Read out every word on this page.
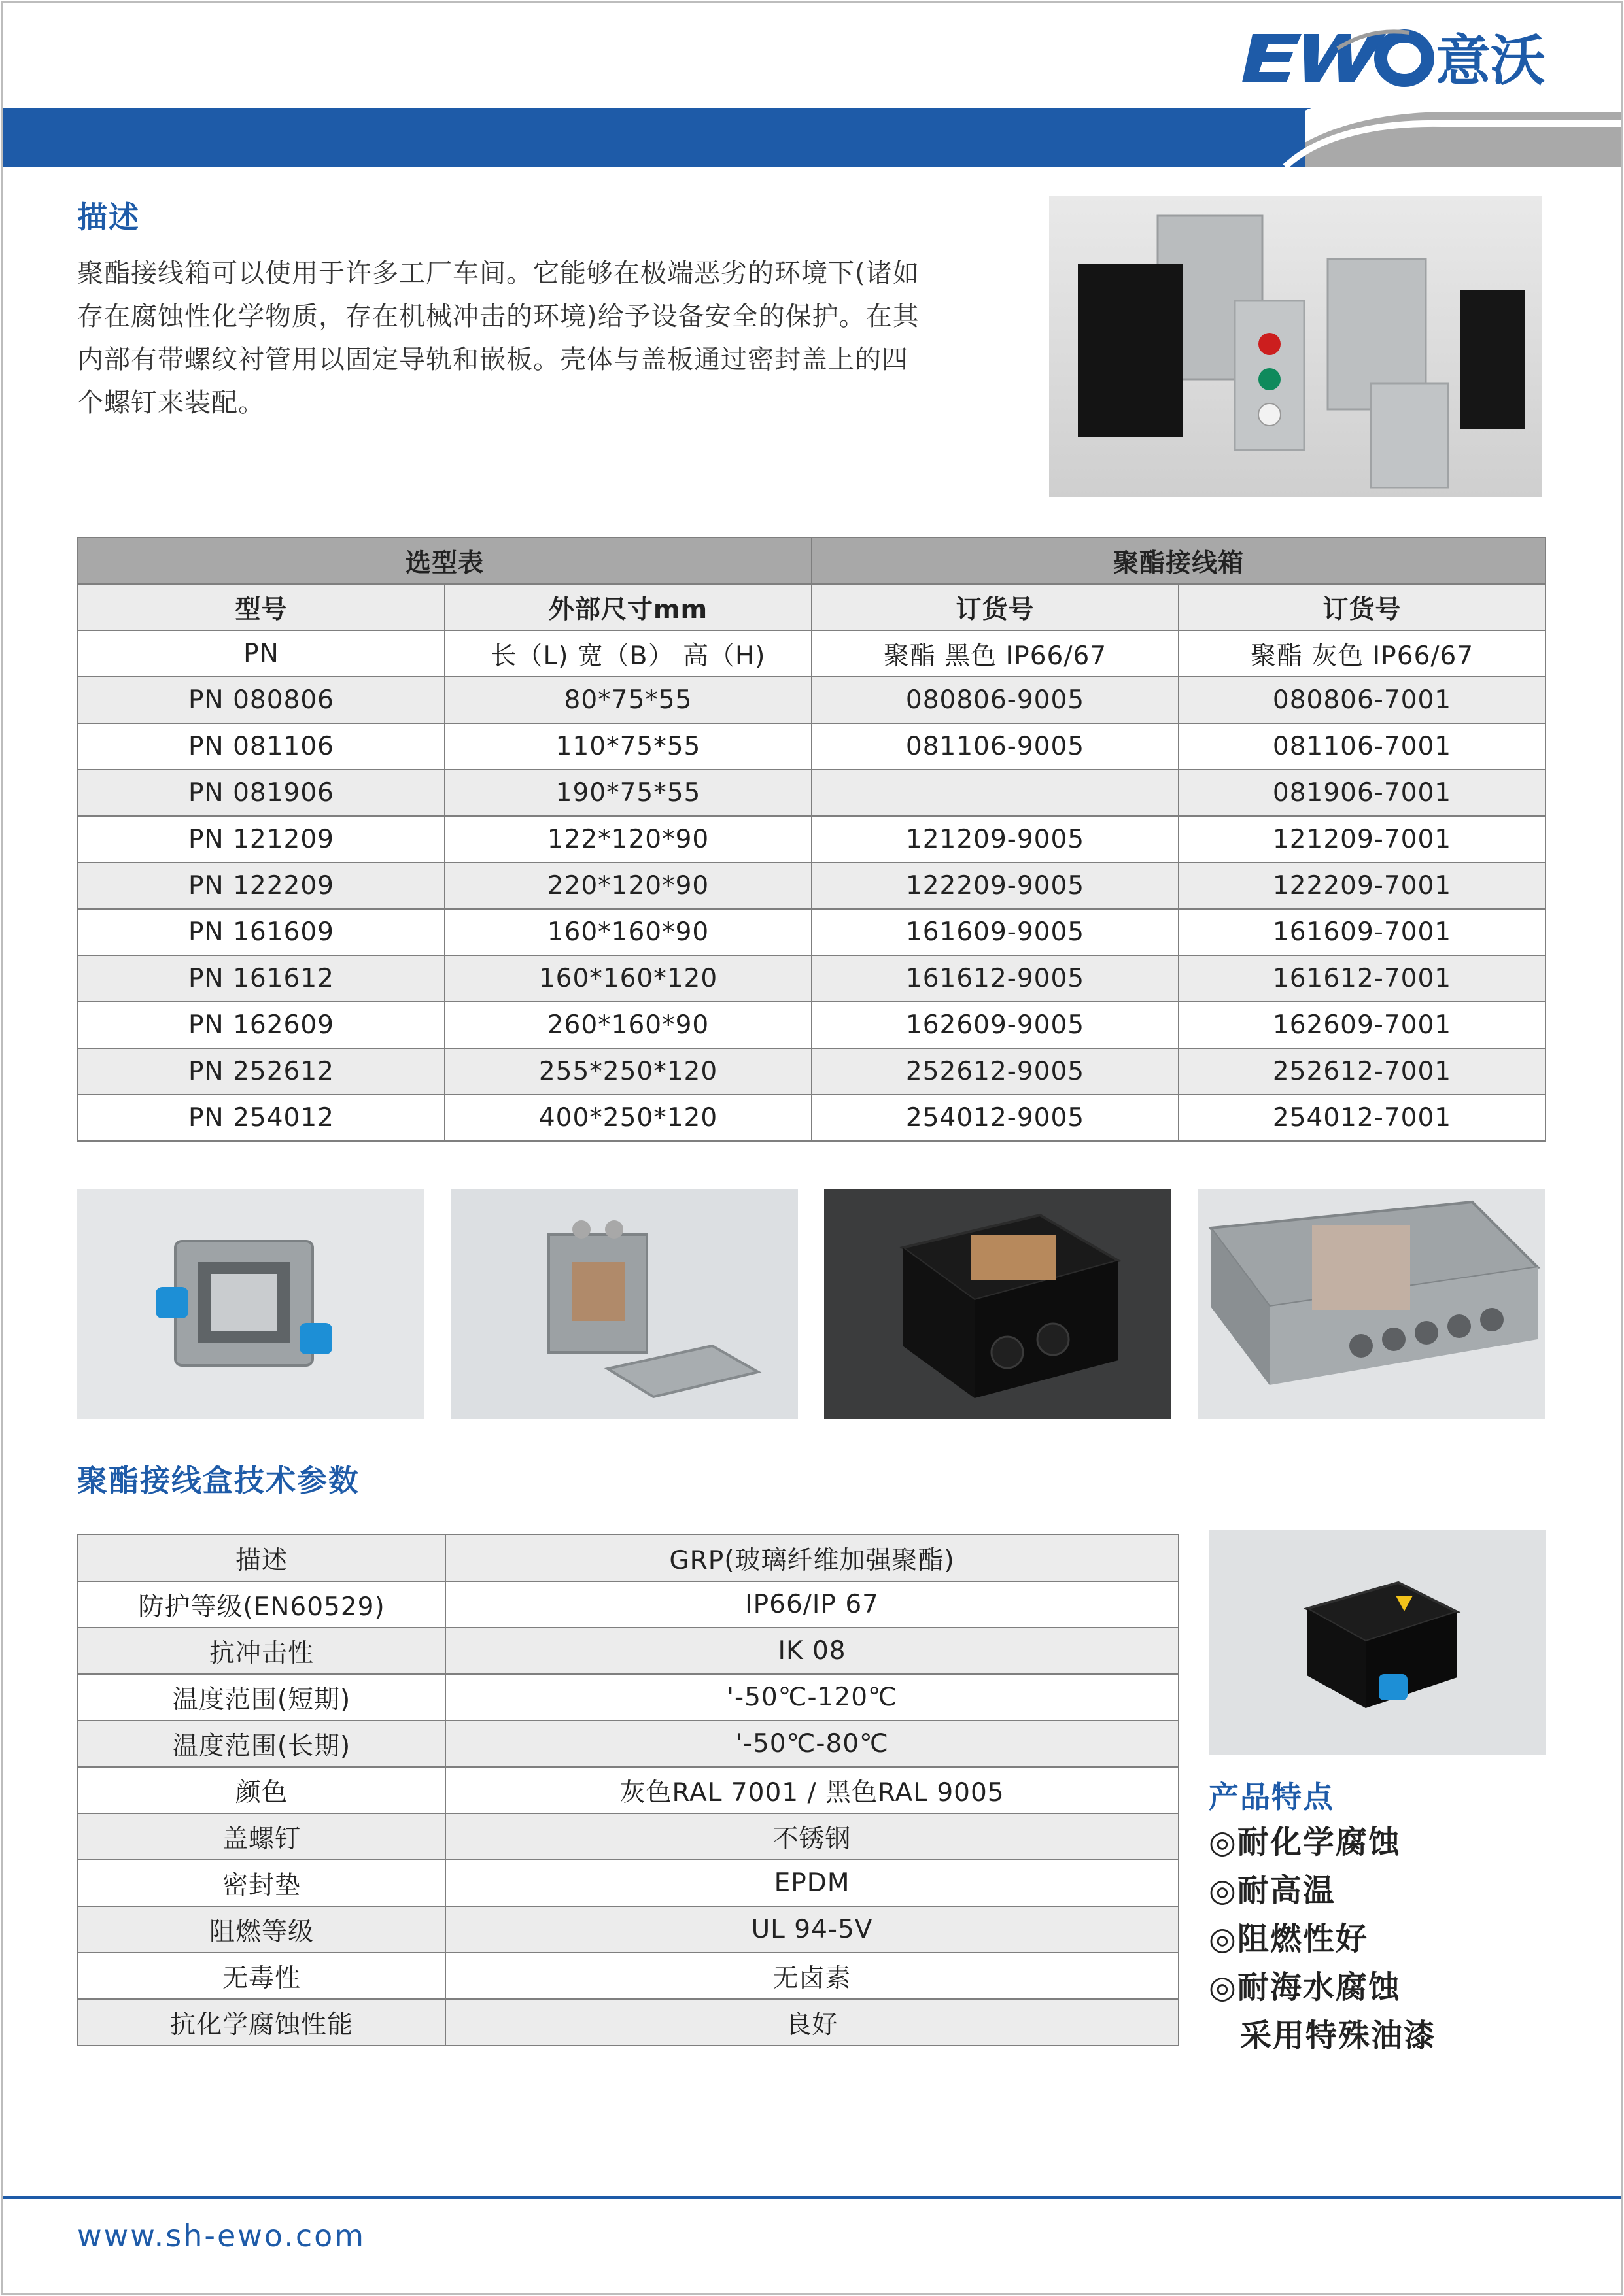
意沃
描述
聚酯接线箱可以使用于许多工厂车间。它能够在极端恶劣的环境下(诸如
存在腐蚀性化学物质，存在机械冲击的环境)给予设备安全的保护。在其
内部有带螺纹衬管用以固定导轨和嵌板。壳体与盖板通过密封盖上的四
个螺钉来装配。
选型表		聚酯接线箱	
型号	外部尺寸mm	订货号	订货号
PN	长（L) 宽（B） 高（H)	聚酯 黑色 IP66/67	聚酯 灰色 IP66/67
PN 080806	80*75*55	080806-9005	080806-7001
PN 081106	110*75*55	081106-9005	081106-7001
PN 081906	190*75*55		081906-7001
PN 121209	122*120*90	121209-9005	121209-7001
PN 122209	220*120*90	122209-9005	122209-7001
PN 161609	160*160*90	161609-9005	161609-7001
PN 161612	160*160*120	161612-9005	161612-7001
PN 162609	260*160*90	162609-9005	162609-7001
PN 252612	255*250*120	252612-9005	252612-7001
PN 254012	400*250*120	254012-9005	254012-7001
聚酯接线盒技术参数
描述	GRP(玻璃纤维加强聚酯)
防护等级(EN60529)	IP66/IP 67
抗冲击性	IK 08
温度范围(短期)	'-50℃-120℃
温度范围(长期)	'-50℃-80℃
颜色	灰色RAL 7001 / 黑色RAL 9005
盖螺钉	不锈钢
密封垫	EPDM
阻燃等级	UL 94-5V
无毒性	无卤素
抗化学腐蚀性能	良好
产品特点
◎耐化学腐蚀
◎耐高温
◎阻燃性好
◎耐海水腐蚀
采用特殊油漆

www.sh-ewo.com
